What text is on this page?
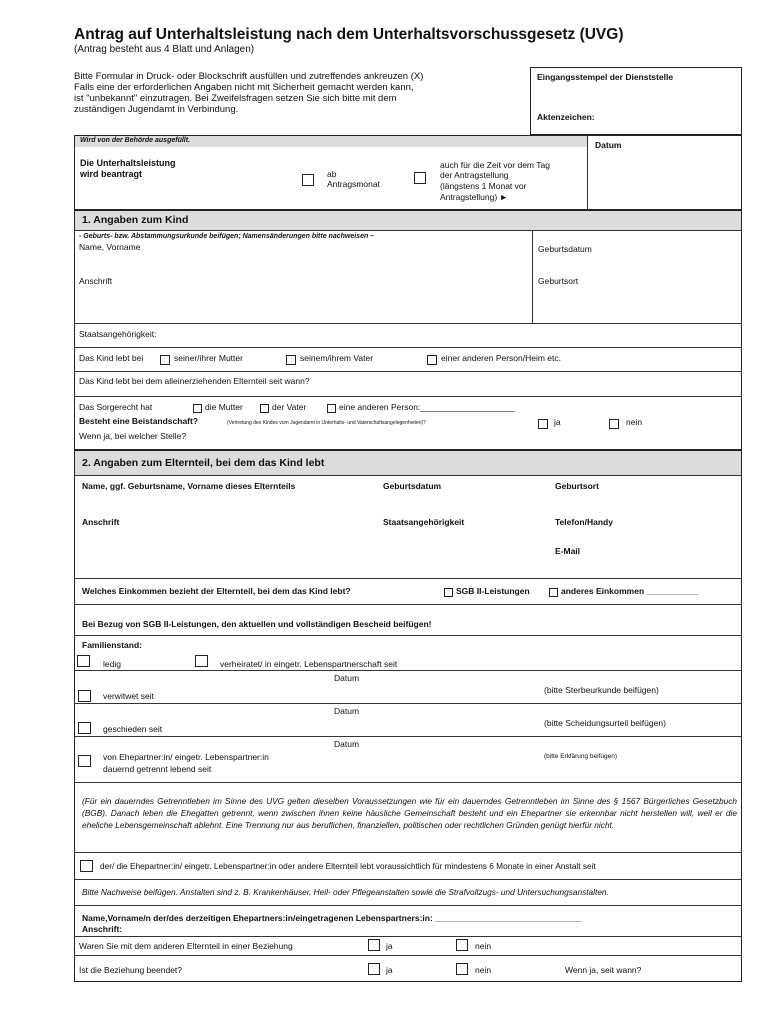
Antrag auf Unterhaltsleistung nach dem Unterhaltsvorschussgesetz (UVG)
(Antrag besteht aus 4 Blatt und Anlagen)
Bitte Formular in Druck- oder Blockschrift ausfüllen und zutreffendes ankreuzen (X)
Falls eine der erforderlichen Angaben nicht mit Sicherheit gemacht werden kann,
ist "unbekannt" einzutragen. Bei Zweifelsfragen setzen Sie sich bitte mit dem
zuständigen Jugendamt in Verbindung.
Eingangsstempel der Dienststelle
Aktenzeichen:
Wird von der Behörde ausgefüllt.	Datum
Die Unterhaltsleistung
wird beantragt	ab
Antragsmonat
auch für die Zeit vor dem Tag
der Antragstellung
(längstens 1 Monat vor
Antragstellung) ►
1. Angaben zum Kind
- Geburts- bzw. Abstammungsurkunde beifügen; Namensänderungen bitte nachweisen –
Name, Vorname	Geburtsdatum
Anschrift	Geburtsort
Staatsangehörigkeit:
Das Kind lebt bei	seiner/ihrer Mutter	seinem/ihrem Vater	einer anderen Person/Heim etc.
Das Kind lebt bei dem alleinerziehenden Elternteil seit wann?
Das Sorgerecht hat	die Mutter	der Vater	eine anderen Person:____________________
Besteht eine Beistandschaft?	(Vertretung des Kindes vom Jugendamt in Unterhalts- und Vaterschaftsangelegenheiten)?	ja	nein
Wenn ja, bei welcher Stelle?
2. Angaben zum Elternteil, bei dem das Kind lebt
Name, ggf. Geburtsname, Vorname dieses Elternteils	Geburtsdatum	Geburtsort
Anschrift	Staatsangehörigkeit	Telefon/Handy
E-Mail
Welches Einkommen bezieht der Elternteil, bei dem das Kind lebt?	SGB II-Leistungen	anderes Einkommen ___________
Bei Bezug von SGB II-Leistungen, den aktuellen und vollständigen Bescheid beifügen!
Familienstand:
ledig	verheiratet/ in eingetr. Lebenspartnerschaft seit
Datum
verwitwet seit
(bitte Sterbeurkunde beifügen)
Datum
geschieden seit
(bitte Scheidungsurteil beifügen)
Datum
von Ehepartner:in/ eingetr. Lebenspartner:in
dauernd getrennt lebend seit
(bitte Erklärung beifügen)
(Für ein dauerndes Getrenntleben im Sinne des UVG gelten dieselben Voraussetzungen wie für ein dauerndes Getrenntleben im Sinne des § 1567 Bürgerliches Gesetzbuch (BGB). Danach leben die Ehegatten getrennt, wenn zwischen ihnen keine häusliche Gemeinschaft besteht und ein Ehepartner sie erkennbar nicht herstellen will, weil er die eheliche Lebensgemeinschaft ablehnt. Eine Trennung nur aus beruflichen, finanziellen, politischen oder rechtlichen Gründen genügt hierfür nicht.
der/ die Ehepartner:in/ eingetr. Lebenspartner:in oder andere Elternteil lebt voraussichtlich für mindestens 6 Monate in einer Anstalt seit
Bitte Nachweise beifügen. Anstalten sind z. B. Krankenhäuser, Heil- oder Pflegeanstalten sowie die Strafvollzugs- und Untersuchungsanstalten.
Name,Vorname/n der/des derzeitigen Ehepartners:in/eingetragenen Lebenspartners:in: _______________________________
Anschrift:
Waren Sie mit dem anderen Elternteil in einer Beziehung	ja	nein
Ist die Beziehung beendet?	ja	nein	Wenn ja, seit wann?
